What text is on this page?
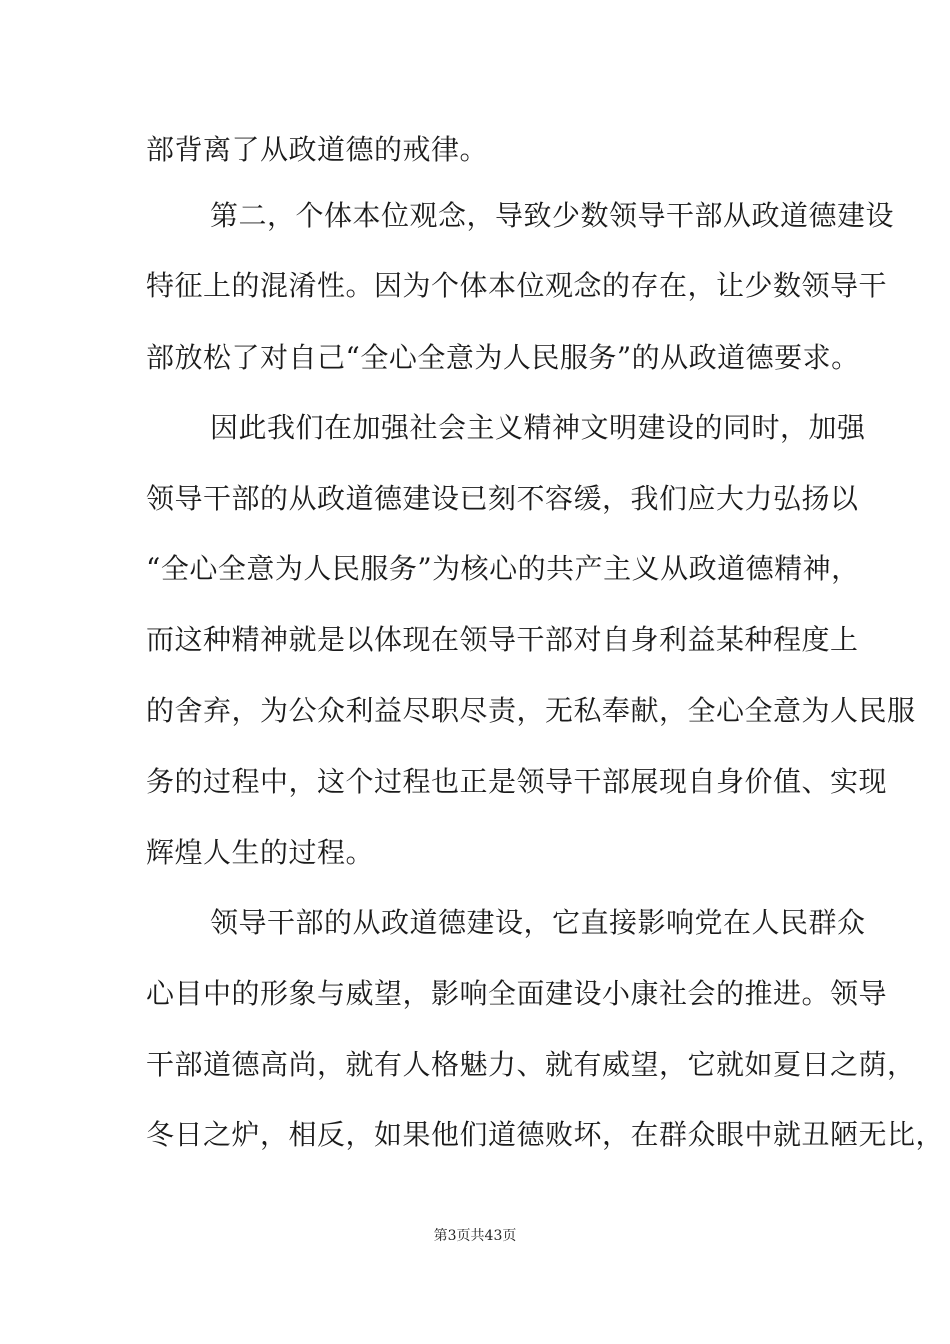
部背离了从政道德的戒律。
第二，个体本位观念，导致少数领导干部从政道德建设
特征上的混淆性。因为个体本位观念的存在，让少数领导干
部放松了对自己“全心全意为人民服务”的从政道德要求。
因此我们在加强社会主义精神文明建设的同时，加强
领导干部的从政道德建设已刻不容缓，我们应大力弘扬以
“全心全意为人民服务”为核心的共产主义从政道德精神，
而这种精神就是以体现在领导干部对自身利益某种程度上
的舍弃，为公众利益尽职尽责，无私奉献，全心全意为人民服
务的过程中，这个过程也正是领导干部展现自身价值、实现
辉煌人生的过程。
领导干部的从政道德建设，它直接影响党在人民群众
心目中的形象与威望，影响全面建设小康社会的推进。领导
干部道德高尚，就有人格魅力、就有威望，它就如夏日之荫，
冬日之炉，相反，如果他们道德败坏，在群众眼中就丑陋无比，
第3页共43页
